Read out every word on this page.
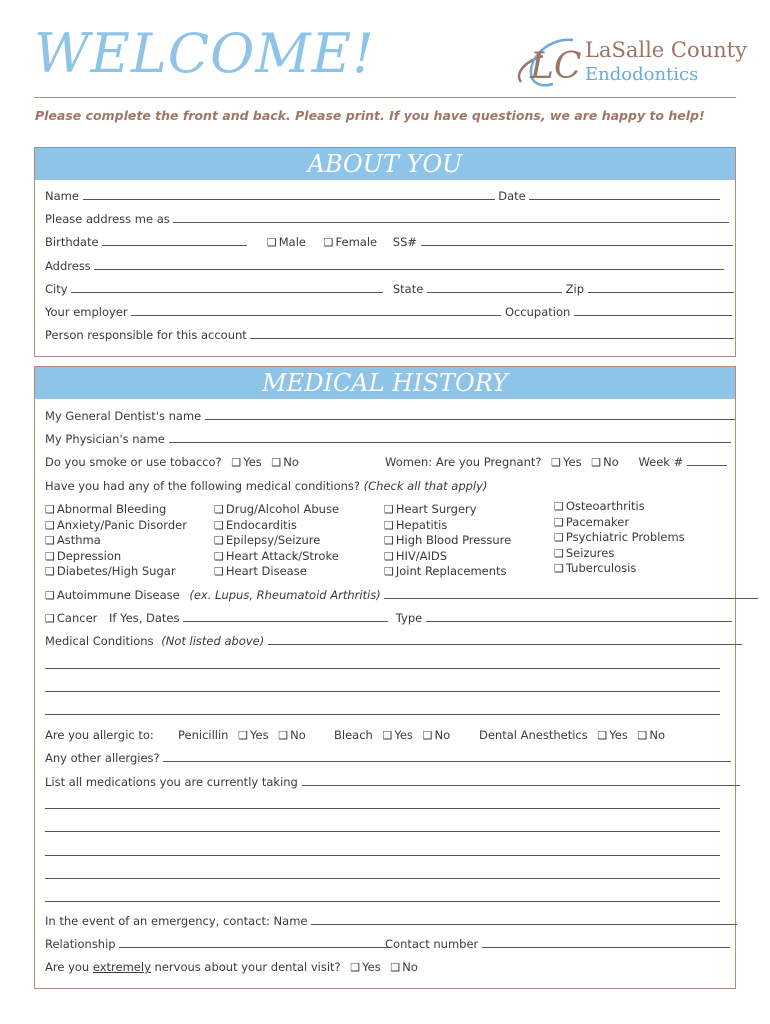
WELCOME!	LC LaSalle County
Endodontics
Please complete the front and back. Please print. If you have questions, we are happy to help!
ABOUT YOU
Name	Date
Please address me as
Birthdate	❑ Male ❑ Female SS#
Address
City	State	Zip
Your employer	Occupation
Person responsible for this account
MEDICAL HISTORY
My General Dentist's name
My Physician's name
Do you smoke or use tobacco? ❑ Yes ❑ No	Women: Are you Pregnant? ❑ Yes ❑ No Week #
Have you had any of the following medical conditions? (Check all that apply)
❑ Abnormal Bleeding
❑ Anxiety/Panic Disorder
❑ Asthma
❑ Depression
❑ Diabetes/High Sugar
❑ Drug/Alcohol Abuse
❑ Endocarditis
❑ Epilepsy/Seizure
❑ Heart Attack/Stroke
❑ Heart Disease
❑ Heart Surgery
❑ Hepatitis
❑ High Blood Pressure
❑ HIV/AIDS
❑ Joint Replacements
❑ Osteoarthritis
❑ Pacemaker
❑ Psychiatric Problems
❑ Seizures
❑ Tuberculosis
❑ Autoimmune Disease (ex. Lupus, Rheumatoid Arthritis)
❑ Cancer If Yes, Dates	Type
Medical Conditions (Not listed above)
Are you allergic to: Penicillin ❑ Yes ❑ No Bleach ❑ Yes ❑ No	Dental Anesthetics ❑ Yes ❑ No
Any other allergies?
List all medications you are currently taking
In the event of an emergency, contact: Name
Relationship	Contact number
Are you extremely nervous about your dental visit? ❑ Yes ❑ No
